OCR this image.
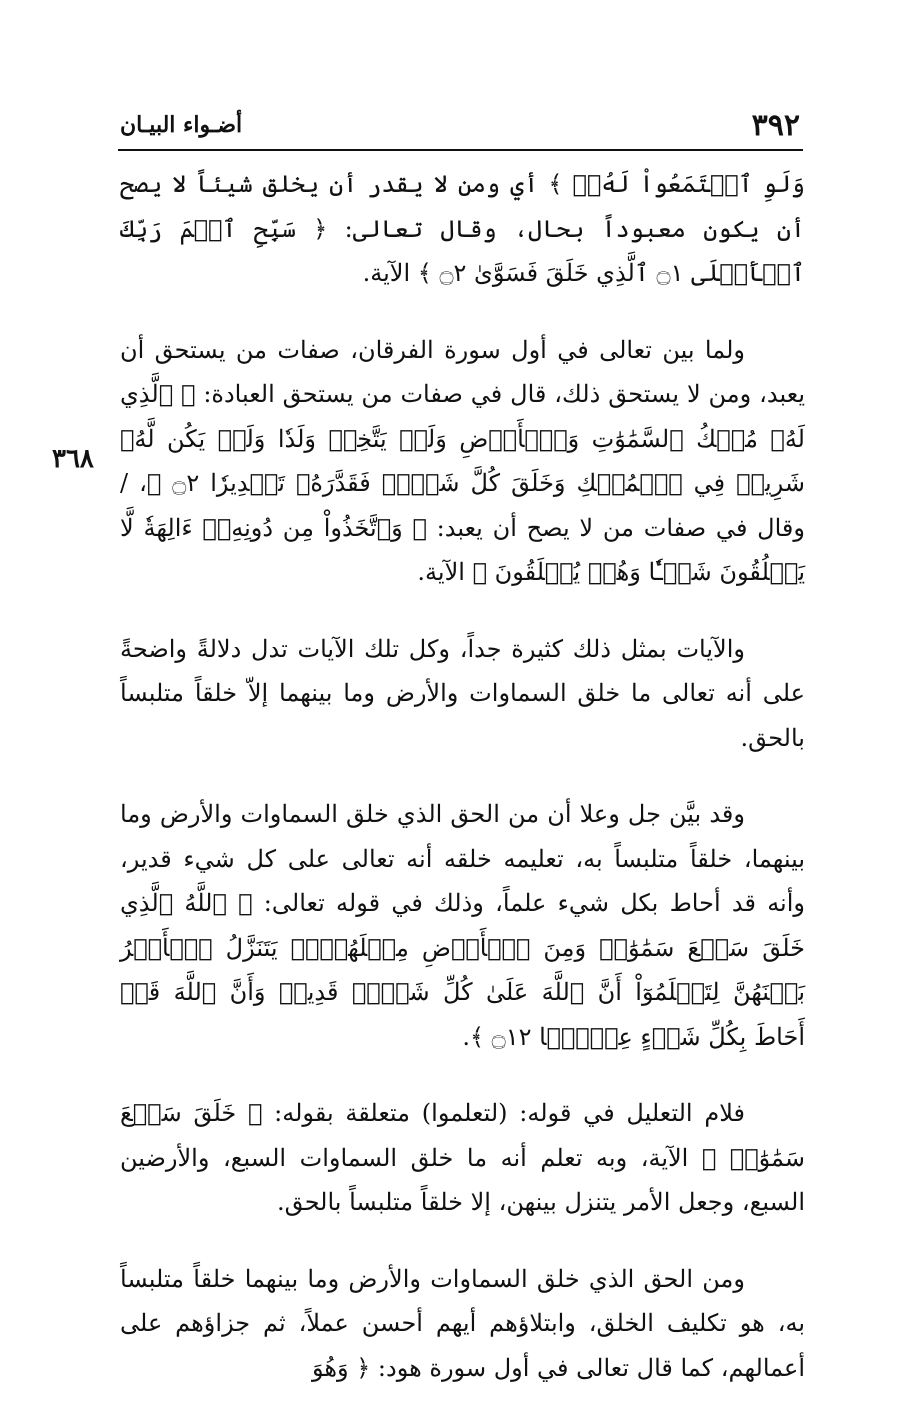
٣٩٢
أضـواء البيـان
٣٦٨

وَلَوِ ٱجۡتَمَعُواْ لَهُۥۖ ﴾ أي ومن لا يقدر أن يخلق شيئاً لا يصح أن يكون معبوداً بحال، وقال تعالى: ﴿ سَبِّحِ ٱسۡمَ رَبِّكَ ٱلۡأَعۡلَى ۝١ ٱلَّذِي خَلَقَ فَسَوَّىٰ ۝٢ ﴾ الآية.

ولما بين تعالى في أول سورة الفرقان، صفات من يستحق أن يعبد، ومن لا يستحق ذلك، قال في صفات من يستحق العبادة: ﴿ ٱلَّذِي لَهُۥ مُلۡكُ ٱلسَّمَٰوَٰتِ وَٱلۡأَرۡضِ وَلَمۡ يَتَّخِذۡ وَلَدٗا وَلَمۡ يَكُن لَّهُۥ شَرِيكٞ فِي ٱلۡمُلۡكِ وَخَلَقَ كُلَّ شَيۡءٖ فَقَدَّرَهُۥ تَقۡدِيرٗا ۝٢ ﴾، /وقال في صفات من لا يصح أن يعبد: ﴿ وَٱتَّخَذُواْ مِن دُونِهِۦٓ ءَالِهَةٗ لَّا يَخۡلُقُونَ شَيۡـٔٗا وَهُمۡ يُخۡلَقُونَ ﴾ الآية.

والآيات بمثل ذلك كثيرة جداً، وكل تلك الآيات تدل دلالةً واضحةً على أنه تعالى ما خلق السماوات والأرض وما بينهما إلاّ خلقاً متلبساً بالحق.

وقد بيَّن جل وعلا أن من الحق الذي خلق السماوات والأرض وما بينهما، خلقاً متلبساً به، تعليمه خلقه أنه تعالى على كل شيء قدير، وأنه قد أحاط بكل شيء علماً، وذلك في قوله تعالى: ﴿ ٱللَّهُ ٱلَّذِي خَلَقَ سَبۡعَ سَمَٰوَٰتٖ وَمِنَ ٱلۡأَرۡضِ مِثۡلَهُنَّۖ يَتَنَزَّلُ ٱلۡأَمۡرُ بَيۡنَهُنَّ لِتَعۡلَمُوٓاْ أَنَّ ٱللَّهَ عَلَىٰ كُلِّ شَيۡءٖ قَدِيرٞ وَأَنَّ ٱللَّهَ قَدۡ أَحَاطَ بِكُلِّ شَيۡءٍ عِلۡمَۢا ۝١٢ ﴾.

فلام التعليل في قوله: (لتعلموا) متعلقة بقوله: ﴿ خَلَقَ سَبۡعَ سَمَٰوَٰتٖ ﴾ الآية، وبه تعلم أنه ما خلق السماوات السبع، والأرضين السبع، وجعل الأمر يتنزل بينهن، إلا خلقاً متلبساً بالحق.

ومن الحق الذي خلق السماوات والأرض وما بينهما خلقاً متلبساً به، هو تكليف الخلق، وابتلاؤهم أيهم أحسن عملاً، ثم جزاؤهم على أعمالهم، كما قال تعالى في أول سورة هود: ﴿ وَهُوَ
